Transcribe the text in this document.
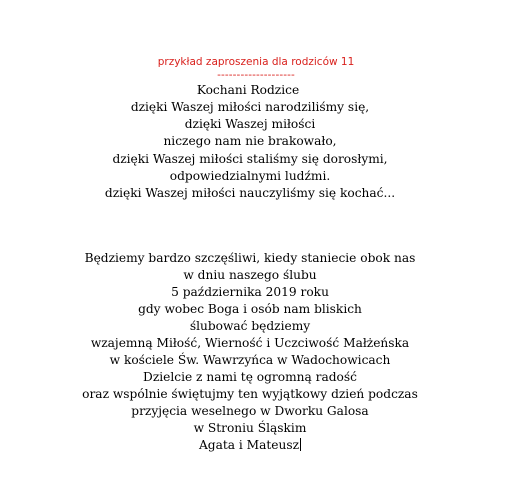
przykład zaproszenia dla rodziców 11
--------------------
Kochani Rodzice
dzięki Waszej miłości narodziliśmy się,
dzięki Waszej miłości
niczego nam nie brakowało,
dzięki Waszej miłości staliśmy się dorosłymi,
odpowiedzialnymi ludźmi.
dzięki Waszej miłości nauczyliśmy się kochać...
Będziemy bardzo szczęśliwi, kiedy staniecie obok nas
w dniu naszego ślubu
5 października 2019 roku
gdy wobec Boga i osób nam bliskich
ślubować będziemy
wzajemną Miłość, Wierność i Uczciwość Małżeńska
w kościele Św. Wawrzyńca w Wadochowicach
Dzielcie z nami tę ogromną radość
oraz wspólnie świętujmy ten wyjątkowy dzień podczas
przyjęcia weselnego w Dworku Galosa
w Stroniu Śląskim
Agata i Mateusz
